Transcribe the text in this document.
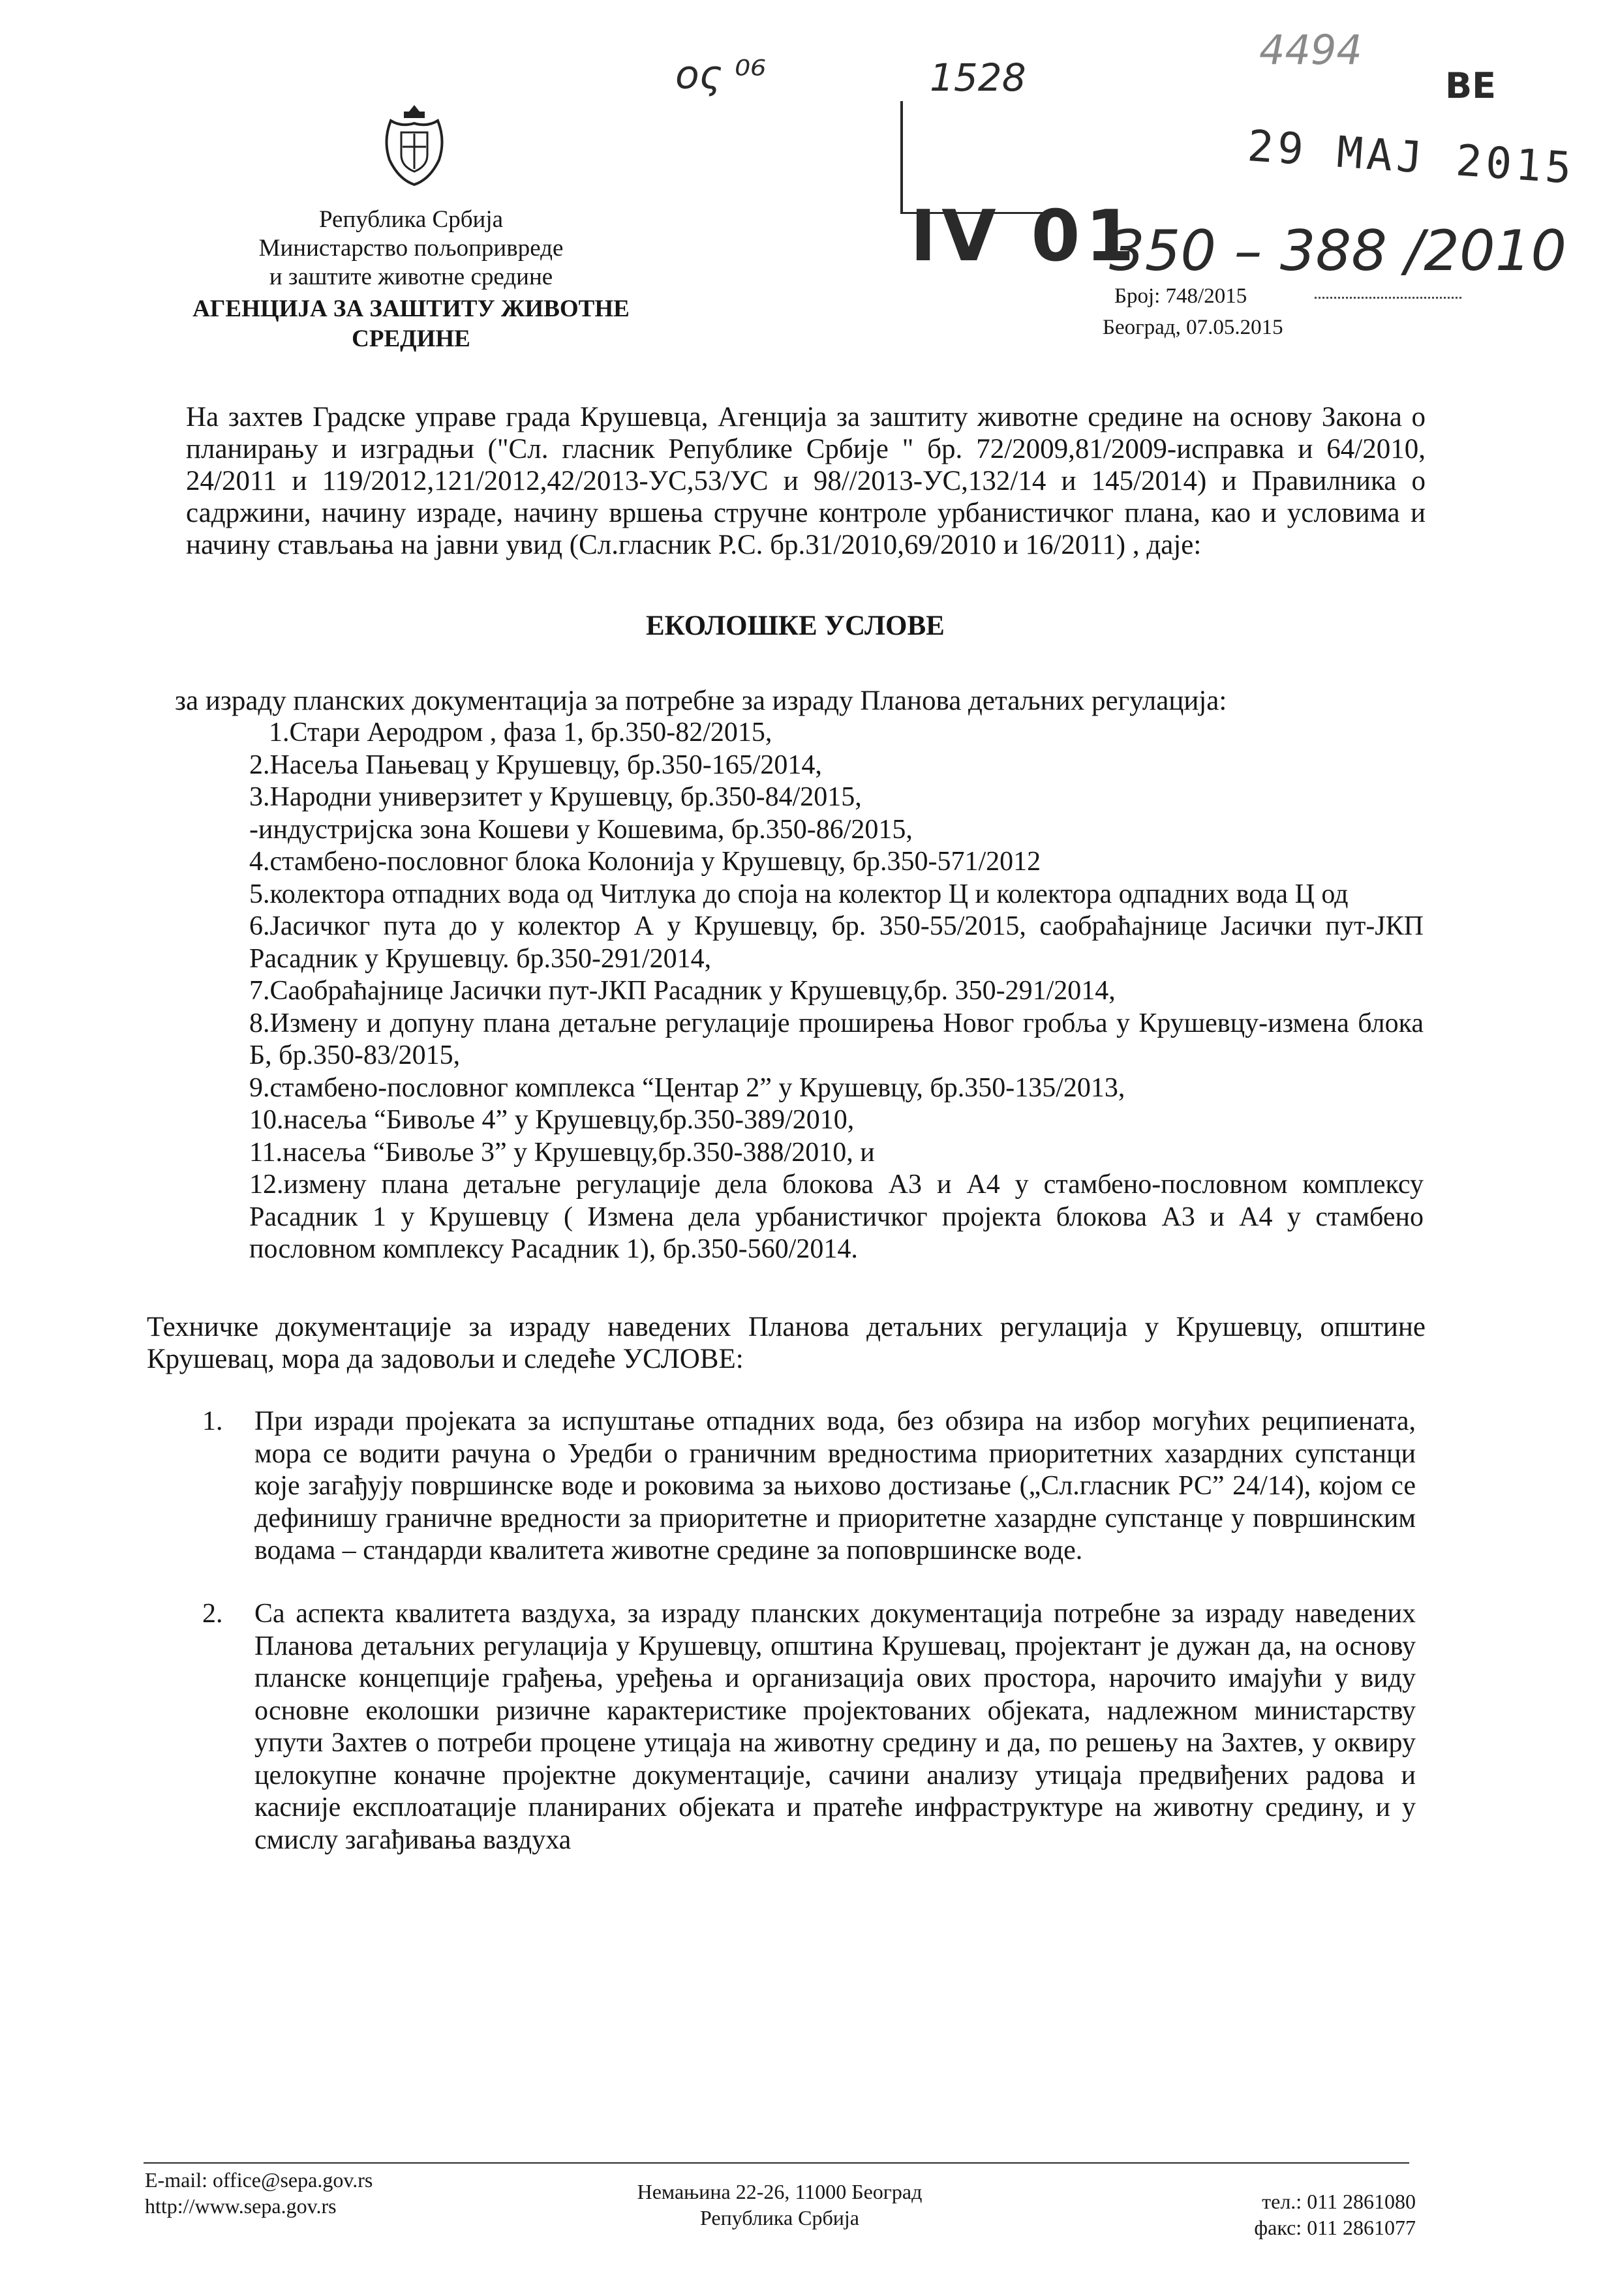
ος ⁰⁶	1528
4494
ВЕ
29 МАЈ 2015
IV 01
350 – 388 /2010
Република Србија
Министарство пољопривреде
и заштите животне средине
АГЕНЦИЈА ЗА ЗАШТИТУ ЖИВОТНЕ СРЕДИНЕ
Број: 748/2015
Београд, 07.05.2015
На захтев Градске управе града Крушевца, Агенција за заштиту животне средине на основу Закона о планирању и изградњи ("Сл. гласник Републике Србије " бр. 72/2009,81/2009-исправка и 64/2010, 24/2011 и 119/2012,121/2012,42/2013-УС,53/УС и 98//2013-УС,132/14 и 145/2014) и Правилника о садржини, начину израде, начину вршења стручне контроле урбанистичког плана, као и условима и начину стављања на јавни увид (Сл.гласник Р.С. бр.31/2010,69/2010 и 16/2011) , даје:
ЕКОЛОШКЕ УСЛОВЕ
за израду планских документација за потребне за израду Планова детаљних регулација:
1.Стари Аеродром , фаза 1, бр.350-82/2015,
2.Насеља Пањевац у Крушевцу, бр.350-165/2014,
3.Народни универзитет у Крушевцу, бр.350-84/2015,
-индустријска зона Кошеви у Кошевима, бр.350-86/2015,
4.стамбено-пословног блока Колонија у Крушевцу, бр.350-571/2012
5.колектора отпадних вода од Читлука до споја на колектор Ц и колектора одпадних вода Ц од
6.Јасичког пута до у колектор А у Крушевцу, бр. 350-55/2015, саобраћајнице Јасички пут-ЈКП Расадник у Крушевцу. бр.350-291/2014,
7.Саобраћајнице Јасички пут-ЈКП Расадник у Крушевцу,бр. 350-291/2014,
8.Измену и допуну плана детаљне регулације проширења Новог гробља у Крушевцу-измена блока Б, бр.350-83/2015,
9.стамбено-пословног комплекса “Центар 2” у Крушевцу, бр.350-135/2013,
10.насеља “Бивоље 4” у Крушевцу,бр.350-389/2010,
11.насеља “Бивоље 3” у Крушевцу,бр.350-388/2010, и
12.измену плана детаљне регулације дела блокова А3 и А4 у стамбено-пословном комплексу Расадник 1 у Крушевцу ( Измена дела урбанистичког пројекта блокова А3 и А4 у стамбено пословном комплексу Расадник 1), бр.350-560/2014.
Техничке документације за израду наведених Планова детаљних регулација у Крушевцу, општине Крушевац, мора да задовољи и следеће УСЛОВЕ:
1. При изради пројеката за испуштање отпадних вода, без обзира на избор могућих реципиената, мора се водити рачуна о Уредби о граничним вредностима приоритетних хазардних супстанци које загађују површинске воде и роковима за њихово достизање („Сл.гласник РС” 24/14), којом се дефинишу граничне вредности за приоритетне и приоритетне хазардне супстанце у површинским водама – стандарди квалитета животне средине за поповршинске воде.
2. Са аспекта квалитета ваздуха, за израду планских документација потребне за израду наведених Планова детаљних регулација у Крушевцу, општина Крушевац, пројектант је дужан да, на основу планске концепције грађења, уређења и организација ових простора, нарочито имајући у виду основне еколошки ризичне карактеристике пројектованих објеката, надлежном министарству упути Захтев о потреби процене утицаја на животну средину и да, по решењу на Захтев, у оквиру целокупне коначне пројектне документације, сачини анализу утицаја предвиђених радова и касније експлоатације планираних објеката и пратеће инфраструктуре на животну средину, и у смислу загађивања ваздуха
E-mail: office@sepa.gov.rs
http://www.sepa.gov.rs
Немањина 22-26, 11000 Београд
Република Србија
тел.: 011 2861080
факс: 011 2861077
